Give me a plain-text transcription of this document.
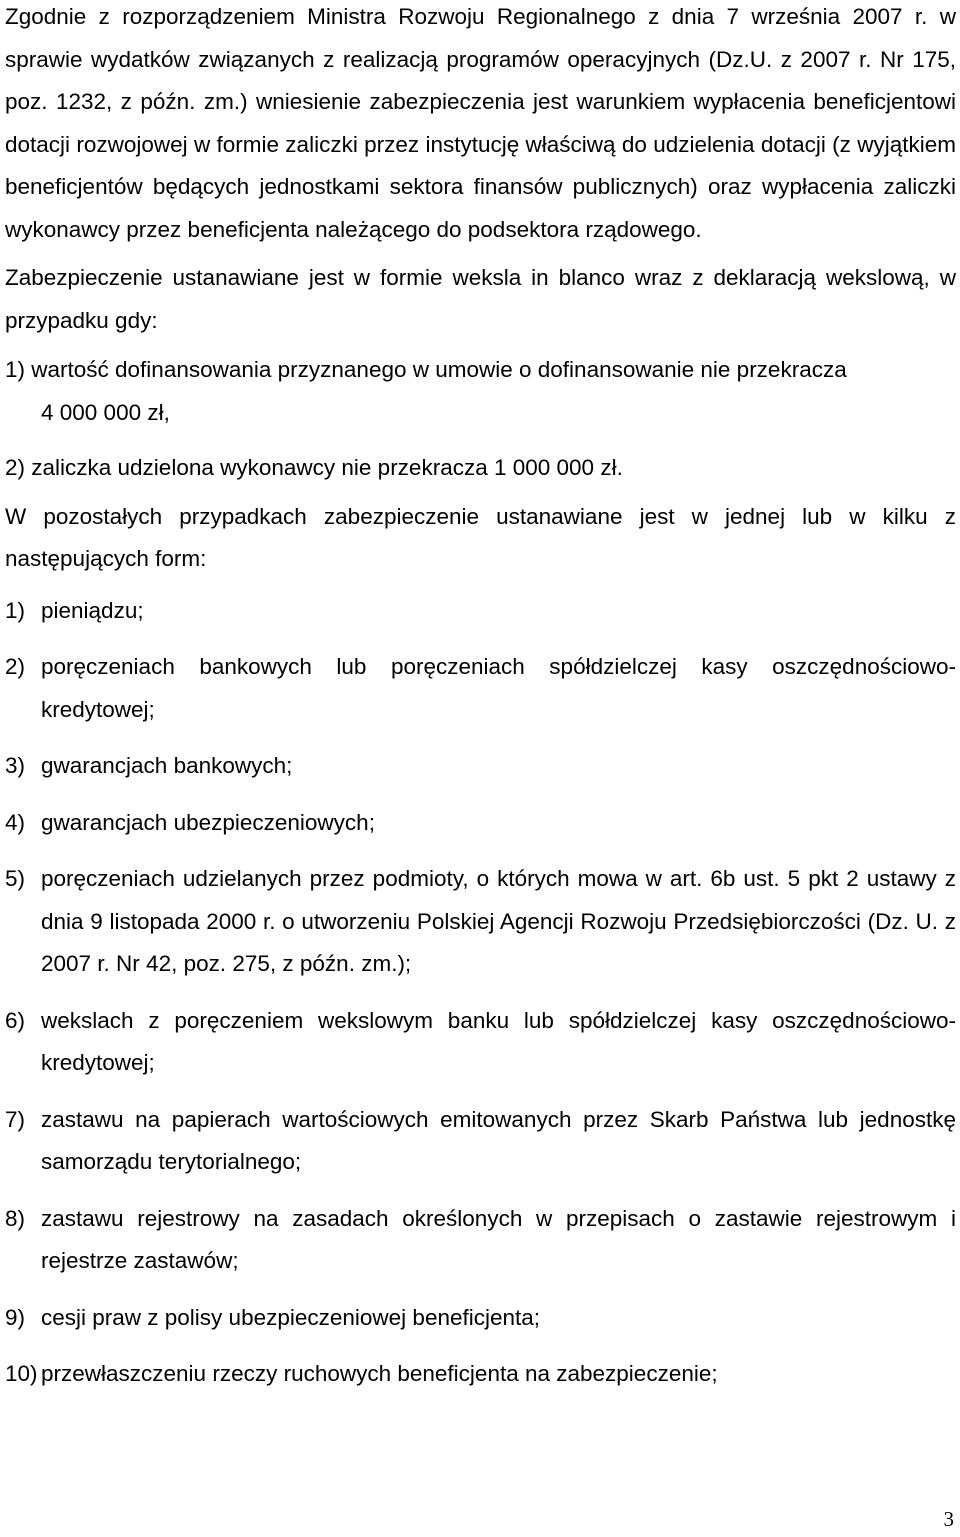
Zgodnie z rozporządzeniem Ministra Rozwoju Regionalnego z dnia 7 września 2007 r. w sprawie wydatków związanych z realizacją programów operacyjnych (Dz.U. z 2007 r. Nr 175, poz. 1232, z późn. zm.) wniesienie zabezpieczenia jest warunkiem wypłacenia beneficjentowi dotacji rozwojowej w formie zaliczki przez instytucję właściwą do udzielenia dotacji (z wyjątkiem beneficjentów będących jednostkami sektora finansów publicznych) oraz wypłacenia zaliczki wykonawcy przez beneficjenta należącego do podsektora rządowego.

Zabezpieczenie ustanawiane jest w formie weksla in blanco wraz z deklaracją wekslową, w przypadku gdy:

1) wartość dofinansowania przyznanego w umowie o dofinansowanie nie przekracza

4 000 000 zł,

2) zaliczka udzielona wykonawcy nie przekracza 1 000 000 zł.

W pozostałych przypadkach zabezpieczenie ustanawiane jest w jednej lub w kilku z następujących form:

1) pieniądzu;
2) poręczeniach bankowych lub poręczeniach spółdzielczej kasy oszczędnościowo-kredytowej;
3) gwarancjach bankowych;
4) gwarancjach ubezpieczeniowych;
5) poręczeniach udzielanych przez podmioty, o których mowa w art. 6b ust. 5 pkt 2 ustawy z dnia 9 listopada 2000 r. o utworzeniu Polskiej Agencji Rozwoju Przedsiębiorczości (Dz. U. z 2007 r. Nr 42, poz. 275, z późn. zm.);
6) wekslach z poręczeniem wekslowym banku lub spółdzielczej kasy oszczędnościowo-kredytowej;
7) zastawu na papierach wartościowych emitowanych przez Skarb Państwa lub jednostkę samorządu terytorialnego;
8) zastawu rejestrowy na zasadach określonych w przepisach o zastawie rejestrowym i rejestrze zastawów;
9) cesji praw z polisy ubezpieczeniowej beneficjenta;
10) przewłaszczeniu rzeczy ruchowych beneficjenta na zabezpieczenie;
3
